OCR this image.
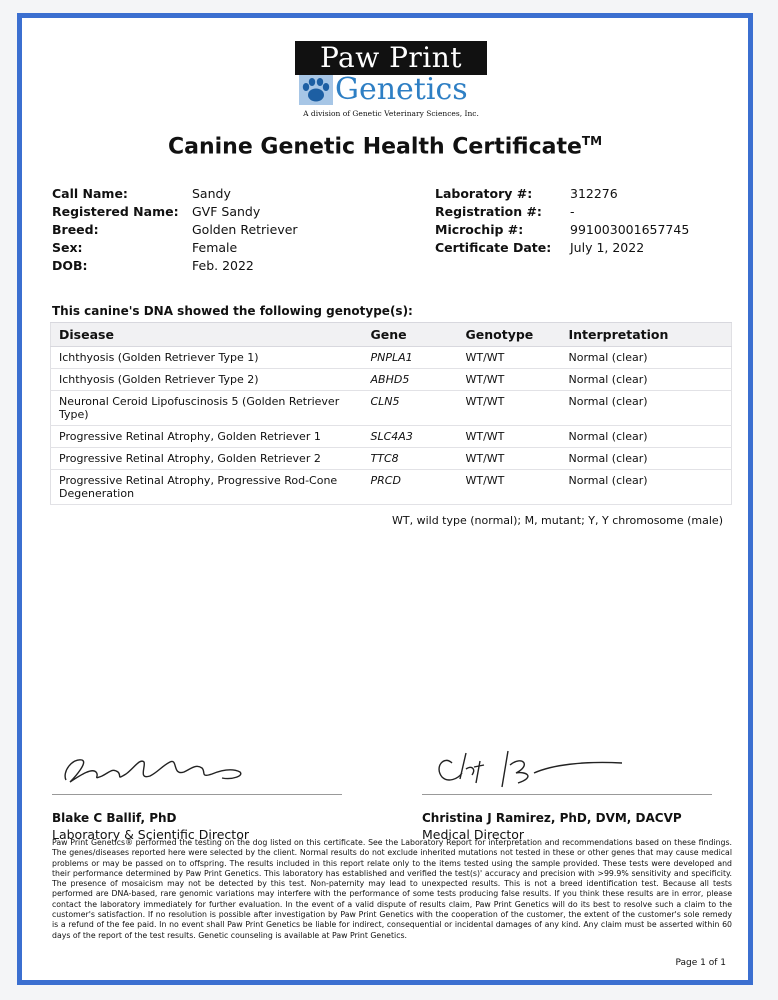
Paw Print
Genetics
A division of Genetic Veterinary Sciences, Inc.
Canine Genetic Health Certificate™
Call Name:	Sandy
Registered Name:	GVF Sandy
Breed:	Golden Retriever
Sex:	Female
DOB:	Feb. 2022
Laboratory #:	312276
Registration #:	-
Microchip #:	991003001657745
Certificate Date:	July 1, 2022
This canine's DNA showed the following genotype(s):
Disease	Gene	Genotype	Interpretation
Ichthyosis (Golden Retriever Type 1)	PNPLA1	WT/WT	Normal (clear)
Ichthyosis (Golden Retriever Type 2)	ABHD5	WT/WT	Normal (clear)
Neuronal Ceroid Lipofuscinosis 5 (Golden Retriever Type)	CLN5	WT/WT	Normal (clear)
Progressive Retinal Atrophy, Golden Retriever 1	SLC4A3	WT/WT	Normal (clear)
Progressive Retinal Atrophy, Golden Retriever 2	TTC8	WT/WT	Normal (clear)
Progressive Retinal Atrophy, Progressive Rod-Cone Degeneration	PRCD	WT/WT	Normal (clear)
WT, wild type (normal); M, mutant; Y, Y chromosome (male)
Blake C Ballif, PhD
Laboratory & Scientific Director
Christina J Ramirez, PhD, DVM, DACVP
Medical Director
Paw Print Genetics® performed the testing on the dog listed on this certificate. See the Laboratory Report for interpretation and recommendations based on these findings. The genes/diseases reported here were selected by the client. Normal results do not exclude inherited mutations not tested in these or other genes that may cause medical problems or may be passed on to offspring. The results included in this report relate only to the items tested using the sample provided. These tests were developed and their performance determined by Paw Print Genetics. This laboratory has established and verified the test(s)' accuracy and precision with >99.9% sensitivity and specificity. The presence of mosaicism may not be detected by this test. Non-paternity may lead to unexpected results. This is not a breed identification test. Because all tests performed are DNA-based, rare genomic variations may interfere with the performance of some tests producing false results. If you think these results are in error, please contact the laboratory immediately for further evaluation. In the event of a valid dispute of results claim, Paw Print Genetics will do its best to resolve such a claim to the customer's satisfaction. If no resolution is possible after investigation by Paw Print Genetics with the cooperation of the customer, the extent of the customer's sole remedy is a refund of the fee paid. In no event shall Paw Print Genetics be liable for indirect, consequential or incidental damages of any kind. Any claim must be asserted within 60 days of the report of the test results. Genetic counseling is available at Paw Print Genetics.
Page 1 of 1
